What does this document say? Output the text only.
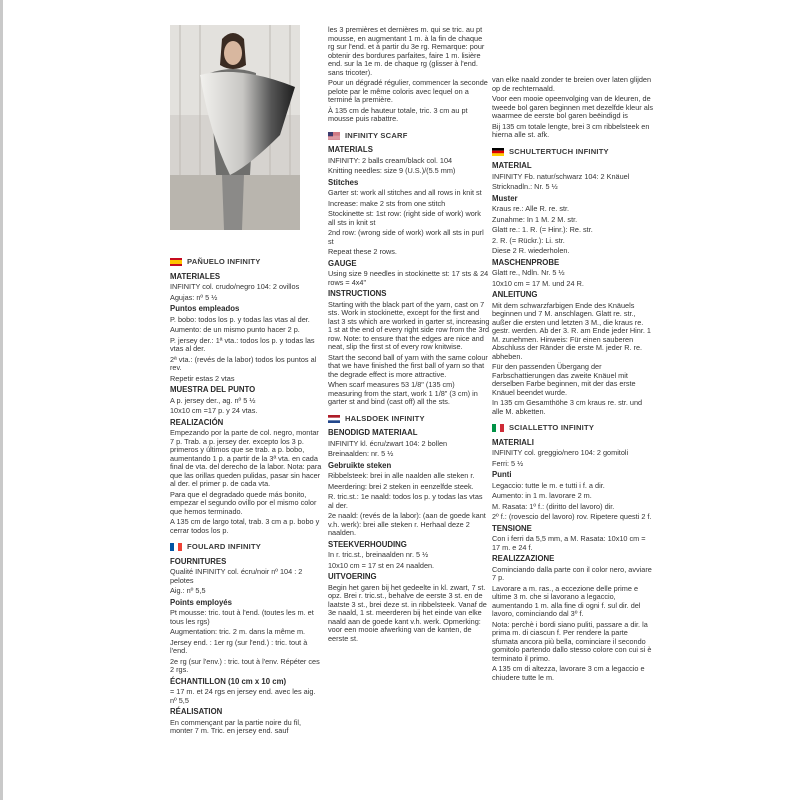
PAÑUELO INFINITY
MATERIALES
INFINITY col. crudo/negro 104: 2 ovillos
Agujas: nº 5 ½
Puntos empleados
P. bobo: todos los p. y todas las vtas al der.
Aumento: de un mismo punto hacer 2 p.
P. jersey der.: 1ª vta.: todos los p. y todas las vtas al der.
2ª vta.: (revés de la labor) todos los puntos al rev.
Repetir estas 2 vtas
MUESTRA DEL PUNTO
A p. jersey der., ag. nº 5 ½
10x10 cm =17 p. y 24 vtas.
REALIZACIÓN
Empezando por la parte de col. negro, montar 7 p. Trab. a p. jersey der. excepto los 3 p. primeros y últimos que se trab. a p. bobo, aumentando 1 p. a partir de la 3ª vta. en cada final de vta. del derecho de la labor. Nota: para que las orillas queden pulidas, pasar sin hacer al der. el primer p. de cada vta.
Para que el degradado quede más bonito, empezar el segundo ovillo por el mismo color que hemos terminado.
A 135 cm de largo total, trab. 3 cm a p. bobo y cerrar todos los p.
FOULARD INFINITY
FOURNITURES
Qualité INFINITY col. écru/noir nº 104 : 2 pelotes
Aig.: nº 5,5
Points employés
Pt mousse: tric. tout à l'end. (toutes les m. et tous les rgs)
Augmentation: tric. 2 m. dans la même m.
Jersey end. : 1er rg (sur l'end.) : tric. tout à l'end.
2e rg (sur l'env.) : tric. tout à l'env. Répéter ces 2 rgs.
ÉCHANTILLON (10 cm x 10 cm)
= 17 m. et 24 rgs en jersey end. avec les aig. nº 5,5
RÉALISATION
En commençant par la partie noire du fil, monter 7 m. Tric. en jersey end. sauf
les 3 premières et dernières m. qui se tric. au pt mousse, en augmentant 1 m. à la fin de chaque rg sur l'end. et à partir du 3e rg. Remarque: pour obtenir des bordures parfaites, faire 1 m. lisière end. sur la 1e m. de chaque rg (glisser à l'end. sans tricoter).
Pour un dégradé régulier, commencer la seconde pelote par le même coloris avec lequel on a terminé la première.
À 135 cm de hauteur totale, tric. 3 cm au pt mousse puis rabattre.
INFINITY SCARF
MATERIALS
INFINITY: 2 balls cream/black col. 104
Knitting needles: size 9 (U.S.)/(5.5 mm)
Stitches
Garter st: work all stitches and all rows in knit st
Increase: make 2 sts from one stitch
Stockinette st: 1st row: (right side of work) work all sts in knit st
2nd row: (wrong side of work) work all sts in purl st
Repeat these 2 rows.
GAUGE
Using size 9 needles in stockinette st: 17 sts & 24 rows = 4x4"
INSTRUCTIONS
Starting with the black part of the yarn, cast on 7 sts. Work in stockinette, except for the first and last 3 sts which are worked in garter st, increasing 1 st at the end of every right side row from the 3rd row. Note: to ensure that the edges are nice and neat, slip the first st of every row knitwise.
Start the second ball of yarn with the same colour that we have finished the first ball of yarn so that the degrade effect is more attractive.
When scarf measures 53 1/8" (135 cm) measuring from the start, work 1 1/8" (3 cm) in garter st and bind (cast off) all the sts.
HALSDOEK INFINITY
BENODIGD MATERIAAL
INFINITY kl. écru/zwart 104: 2 bollen
Breinaalden: nr. 5 ½
Gebruikte steken
Ribbelsteek: brei in alle naalden alle steken r.
Meerdering: brei 2 steken in eenzelfde steek.
R. tric.st.: 1e naald: todos los p. y todas las vtas al der.
2e naald: (revés de la labor): (aan de goede kant v.h. werk): brei alle steken r. Herhaal deze 2 naalden.
STEEKVERHOUDING
In r. tric.st., breinaalden nr. 5 ½
10x10 cm = 17 st en 24 naalden.
UITVOERING
Begin het garen bij het gedeelte in kl. zwart, 7 st. opz. Brei r. tric.st., behalve de eerste 3 st. en de laatste 3 st., brei deze st. in ribbelsteek. Vanaf de 3e naald, 1 st. meerderen bij het einde van elke naald aan de goede kant v.h. werk. Opmerking: voor een mooie afwerking van de kanten, de eerste st.
van elke naald zonder te breien over laten glijden op de rechternaald.
Voor een mooie opeenvolging van de kleuren, de tweede bol garen beginnen met dezelfde kleur als waarmee de eerste bol garen beëindigd is
Bij 135 cm totale lengte, brei 3 cm ribbelsteek en hierna alle st. afk.
SCHULTERTUCH INFINITY
MATERIAL
INFINITY Fb. natur/schwarz 104: 2 Knäuel
Stricknadln.: Nr. 5 ½
Muster
Kraus re.: Alle R. re. str.
Zunahme: In 1 M. 2 M. str.
Glatt re.: 1. R. (= Hinr.): Re. str.
2. R. (= Rückr.): Li. str.
Diese 2 R. wiederholen.
MASCHENPROBE
Glatt re., Ndln. Nr. 5 ½
10x10 cm = 17 M. und 24 R.
ANLEITUNG
Mit dem schwarzfarbigen Ende des Knäuels beginnen und 7 M. anschlagen. Glatt re. str., außer die ersten und letzten 3 M., die kraus re. gestr. werden. Ab der 3. R. am Ende jeder Hinr. 1 M. zunehmen. Hinweis: Für einen sauberen Abschluss der Ränder die erste M. jeder R. re. abheben.
Für den passenden Übergang der Farbschattierungen das zweite Knäuel mit derselben Farbe beginnen, mit der das erste Knäuel beendet wurde.
In 135 cm Gesamthöhe 3 cm kraus re. str. und alle M. abketten.
SCIALLETTO INFINITY
MATERIALI
INFINITY col. greggio/nero 104: 2 gomitoli
Ferri: 5 ½
Punti
Legaccio: tutte le m. e tutti i f. a dir.
Aumento: in 1 m. lavorare 2 m.
M. Rasata: 1º f.: (diritto del lavoro) dir.
2º f.: (rovescio del lavoro) rov. Ripetere questi 2 f.
TENSIONE
Con i ferri da 5,5 mm, a M. Rasata: 10x10 cm = 17 m. e 24 f.
REALIZZAZIONE
Cominciando dalla parte con il color nero, avviare 7 p.
Lavorare a m. ras., a eccezione delle prime e ultime 3 m. che si lavorano a legaccio, aumentando 1 m. alla fine di ogni f. sul dir. del lavoro, cominciando dal 3º f.
Nota: perchè i bordi siano puliti, passare a dir. la prima m. di ciascun f. Per rendere la parte sfumata ancora più bella, cominciare il secondo gomitolo partendo dallo stesso colore con cui si è terminato il primo.
A 135 cm di altezza, lavorare 3 cm a legaccio e chiudere tutte le m.
